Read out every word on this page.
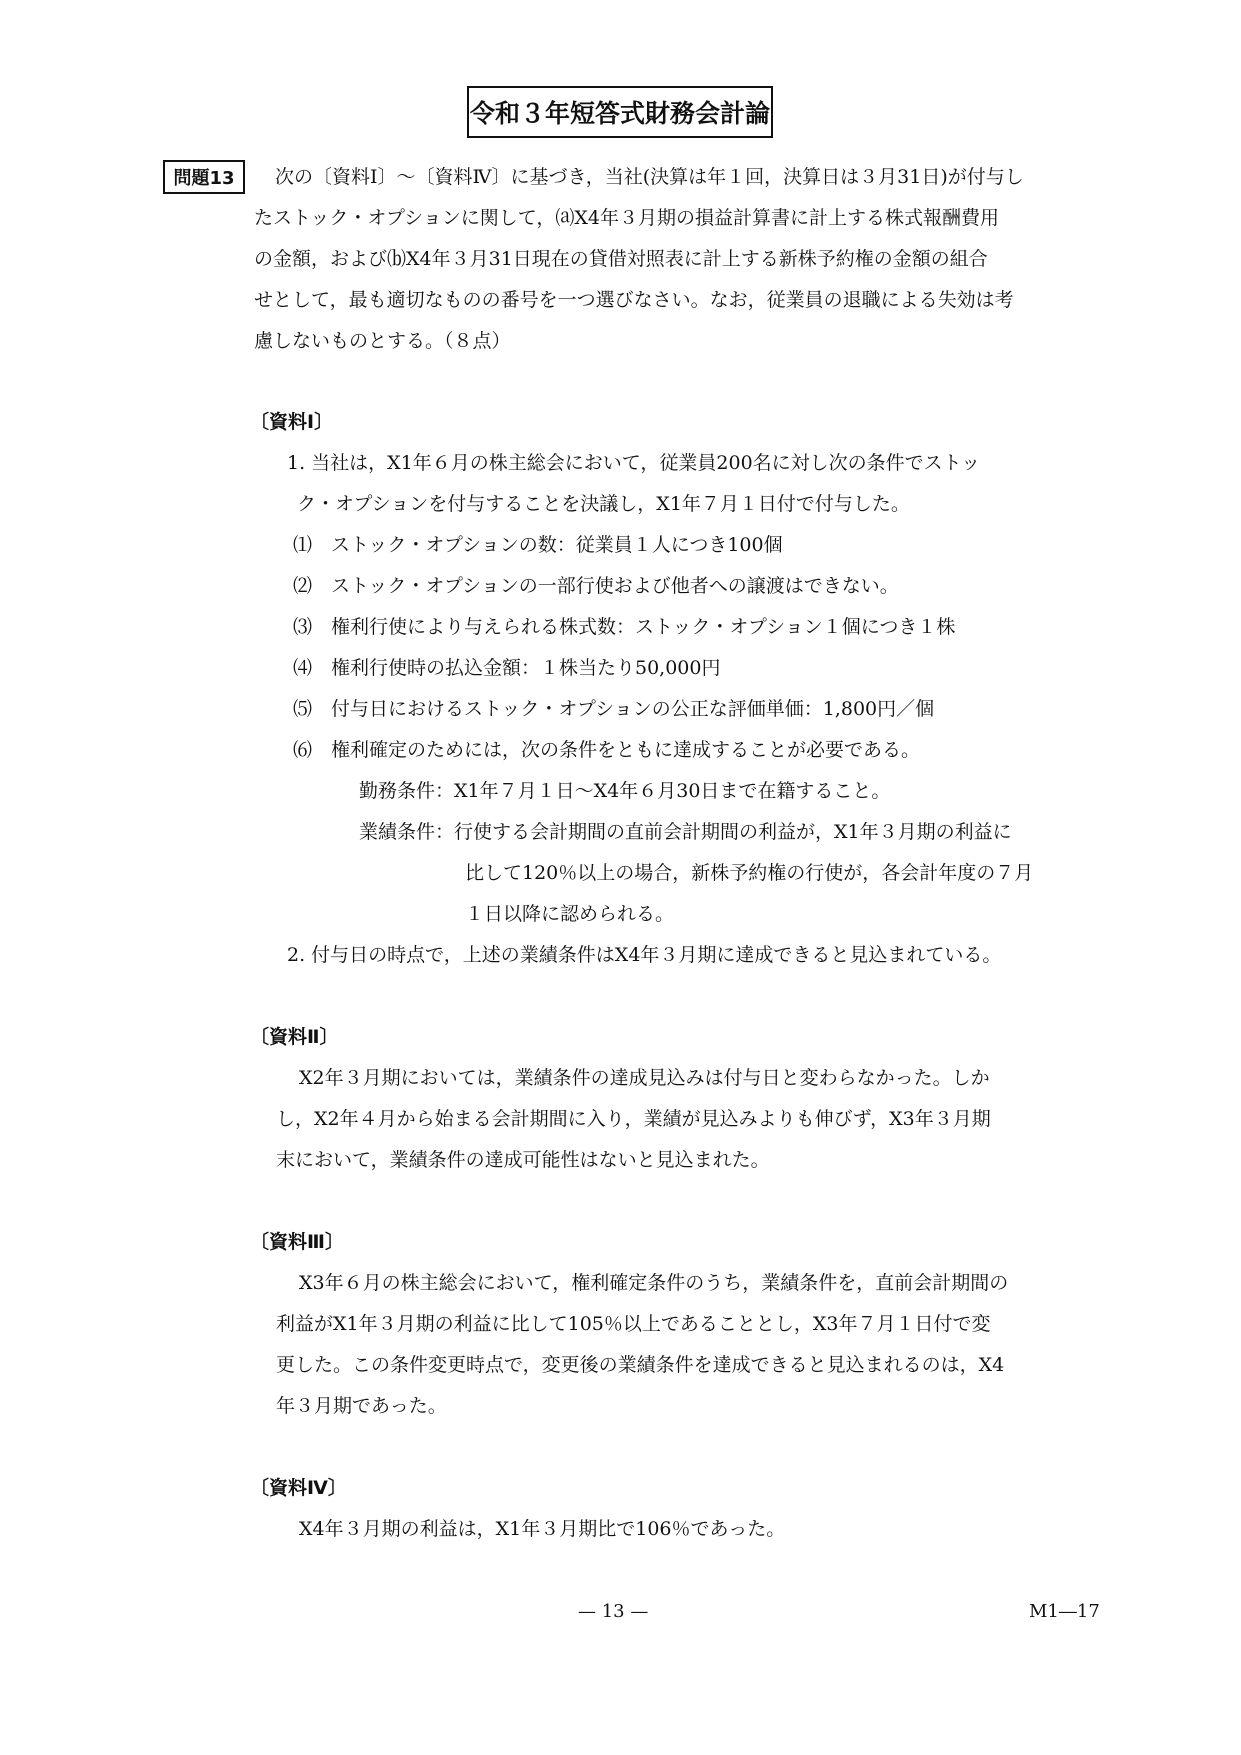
令和３年短答式財務会計論
問題13	次の〔資料Ⅰ〕～〔資料Ⅳ〕に基づき，当社(決算は年１回，決算日は３月31日)が付与し
たストック・オプションに関して，⒜X4年３月期の損益計算書に計上する株式報酬費用
の金額，および⒝X4年３月31日現在の貸借対照表に計上する新株予約権の金額の組合
せとして，最も適切なものの番号を一つ選びなさい。なお，従業員の退職による失効は考
慮しないものとする。（８点）
〔資料Ⅰ〕
1. 当社は，X1年６月の株主総会において，従業員200名に対し次の条件でストッ
ク・オプションを付与することを決議し，X1年７月１日付で付与した。
⑴　ストック・オプションの数：従業員１人につき100個
⑵　ストック・オプションの一部行使および他者への譲渡はできない。
⑶　権利行使により与えられる株式数：ストック・オプション１個につき１株
⑷　権利行使時の払込金額：１株当たり50,000円
⑸　付与日におけるストック・オプションの公正な評価単価：1,800円／個
⑹　権利確定のためには，次の条件をともに達成することが必要である。
勤務条件：X1年７月１日～X4年６月30日まで在籍すること。
業績条件：行使する会計期間の直前会計期間の利益が，X1年３月期の利益に
比して120％以上の場合，新株予約権の行使が，各会計年度の７月
１日以降に認められる。
2. 付与日の時点で，上述の業績条件はX4年３月期に達成できると見込まれている。
〔資料Ⅱ〕
X2年３月期においては，業績条件の達成見込みは付与日と変わらなかった。しか
し，X2年４月から始まる会計期間に入り，業績が見込みよりも伸びず，X3年３月期
末において，業績条件の達成可能性はないと見込まれた。
〔資料Ⅲ〕
X3年６月の株主総会において，権利確定条件のうち，業績条件を，直前会計期間の
利益がX1年３月期の利益に比して105％以上であることとし，X3年７月１日付で変
更した。この条件変更時点で，変更後の業績条件を達成できると見込まれるのは，X4
年３月期であった。
〔資料Ⅳ〕
X4年３月期の利益は，X1年３月期比で106％であった。
— 13 —	M1―17
